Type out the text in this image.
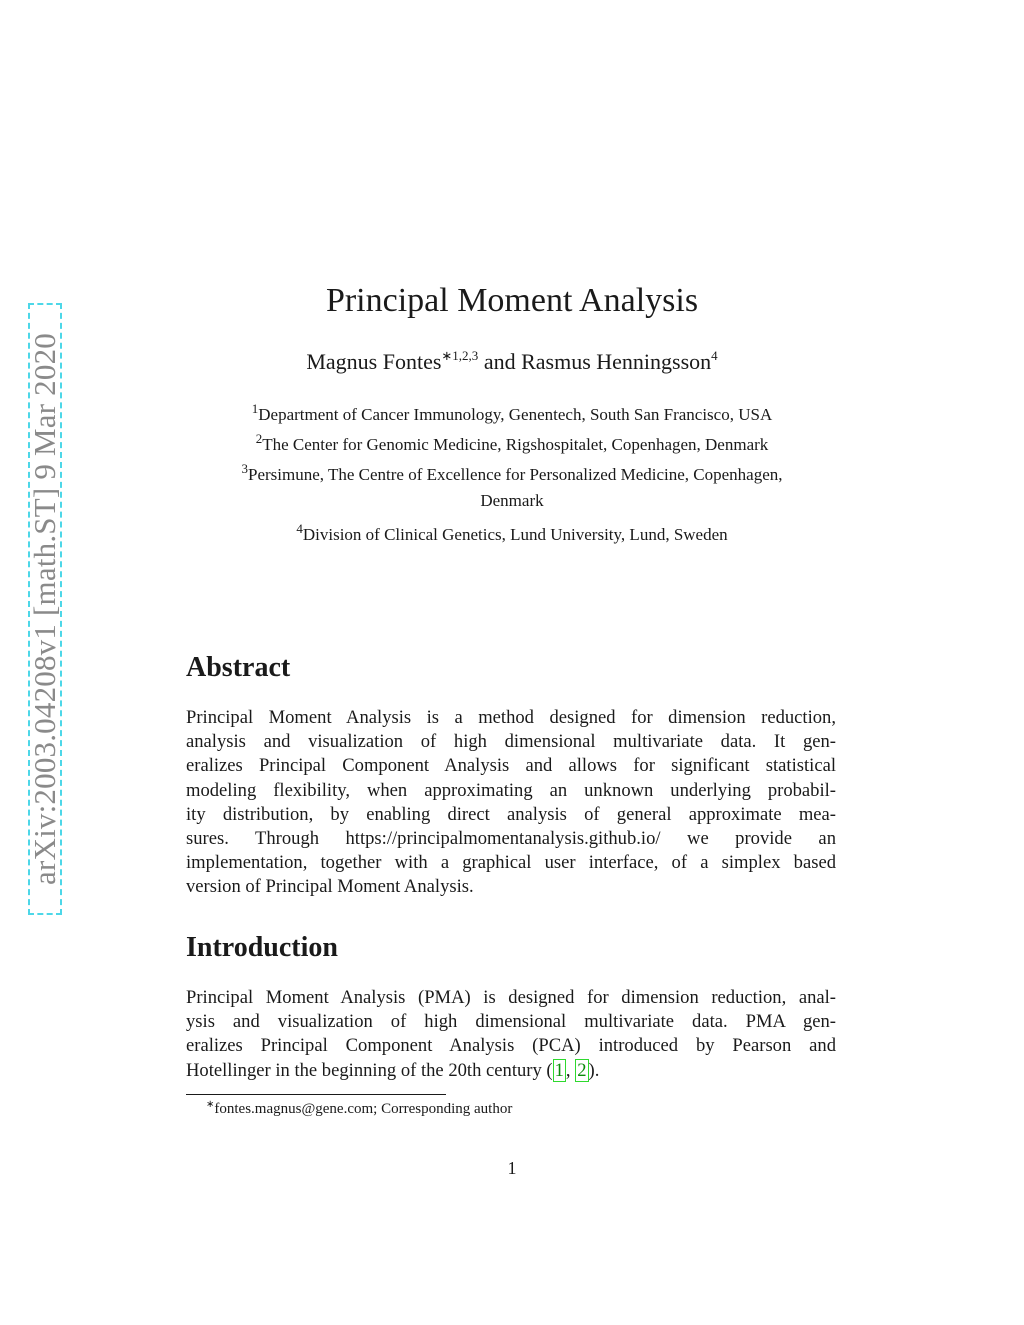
arXiv:2003.04208v1 [math.ST] 9 Mar 2020
Principal Moment Analysis
Magnus Fontes$^{∗1,2,3}$ and Rasmus Henningsson$^4$
$^1$Department of Cancer Immunology, Genentech, South San Francisco, USA
$^2$The Center for Genomic Medicine, Rigshospitalet, Copenhagen, Denmark
$^3$Persimune, The Centre of Excellence for Personalized Medicine, Copenhagen,
Denmark
$^4$Division of Clinical Genetics, Lund University, Lund, Sweden
Abstract
Principal Moment Analysis is a method designed for dimension reduction,
analysis and visualization of high dimensional multivariate data. It gen-
eralizes Principal Component Analysis and allows for significant statistical
modeling flexibility, when approximating an unknown underlying probabil-
ity distribution, by enabling direct analysis of general approximate mea-
sures. Through https://principalmomentanalysis.github.io/ we provide an
implementation, together with a graphical user interface, of a simplex based
version of Principal Moment Analysis.
Introduction
Principal Moment Analysis (PMA) is designed for dimension reduction, anal-
ysis and visualization of high dimensional multivariate data. PMA gen-
eralizes Principal Component Analysis (PCA) introduced by Pearson and
Hotellinger in the beginning of the 20th century ( 1 , 2 ).
∗fontes.magnus@gene.com; Corresponding author
1
